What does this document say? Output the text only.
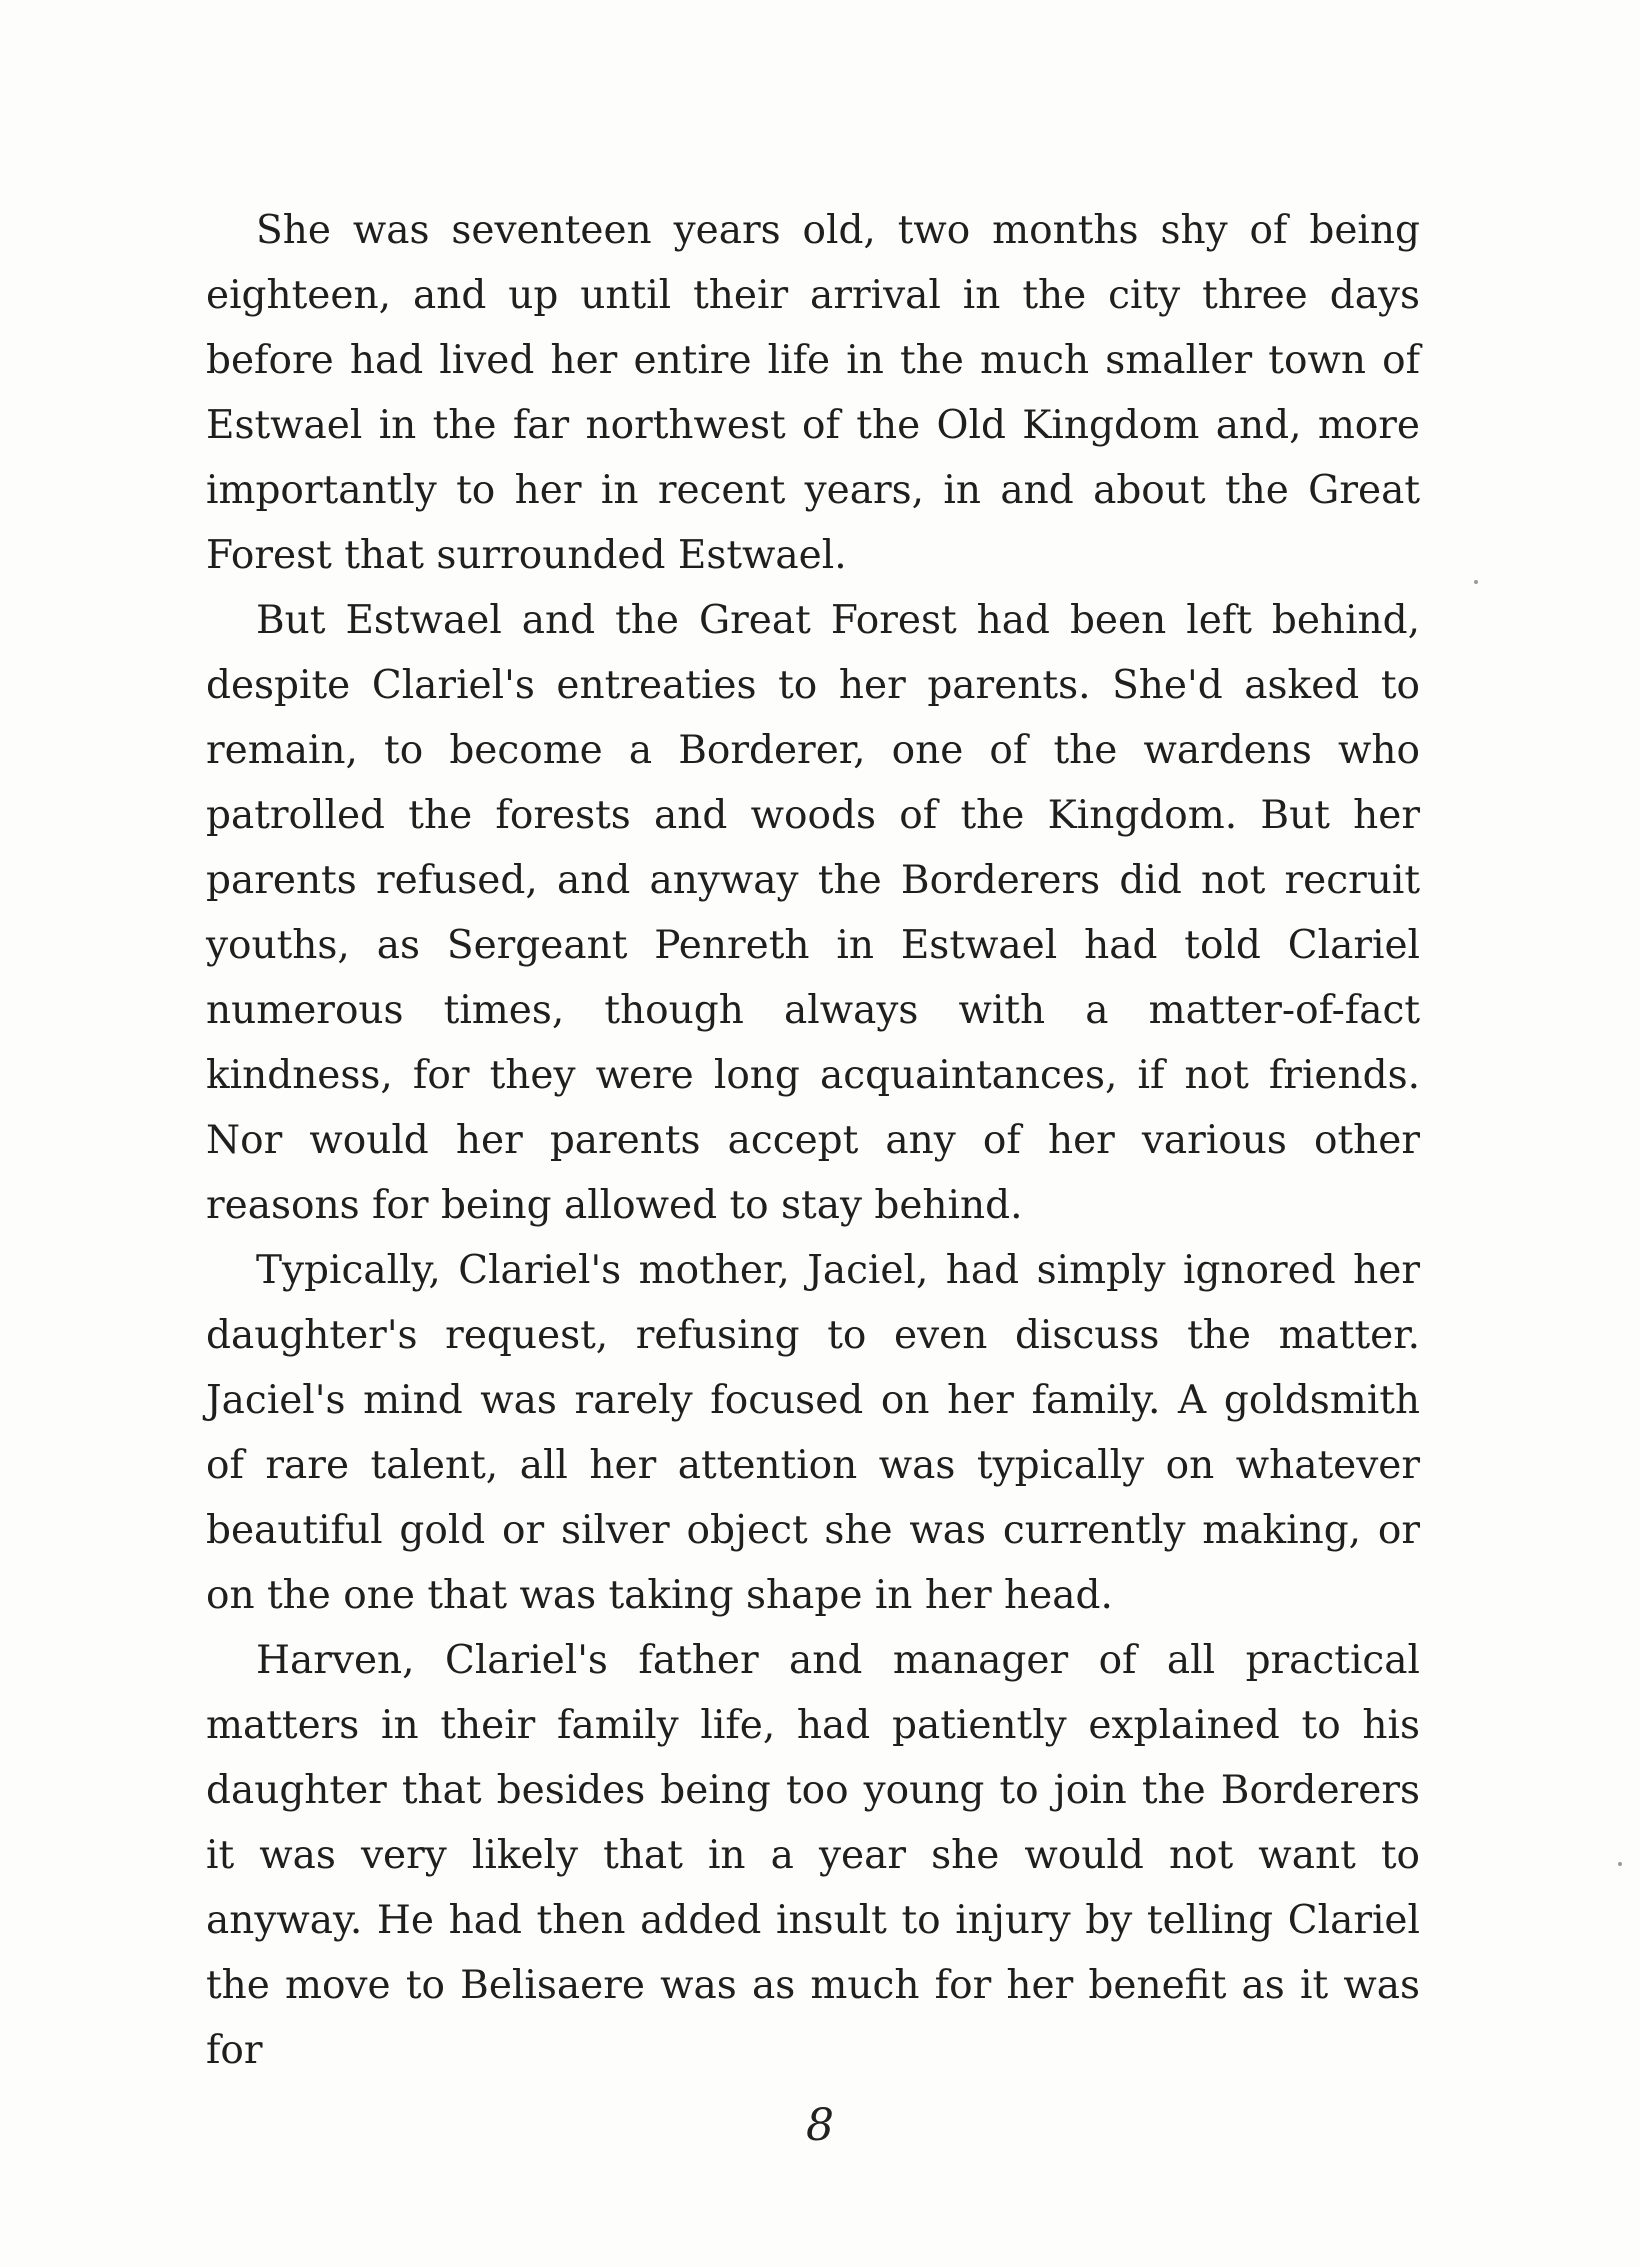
She was seventeen years old, two months shy of being eighteen, and up until their arrival in the city three days before had lived her entire life in the much smaller town of Estwael in the far northwest of the Old Kingdom and, more importantly to her in recent years, in and about the Great Forest that surrounded Estwael.

But Estwael and the Great Forest had been left behind, despite Clariel's entreaties to her parents. She'd asked to remain, to become a Borderer, one of the wardens who patrolled the forests and woods of the Kingdom. But her parents refused, and anyway the Borderers did not recruit youths, as Sergeant Penreth in Estwael had told Clariel numerous times, though always with a matter-of-fact kindness, for they were long acquaintances, if not friends. Nor would her parents accept any of her various other reasons for being allowed to stay behind.

Typically, Clariel's mother, Jaciel, had simply ignored her daughter's request, refusing to even discuss the matter. Jaciel's mind was rarely focused on her family. A goldsmith of rare talent, all her attention was typically on whatever beautiful gold or silver object she was currently making, or on the one that was taking shape in her head.

Harven, Clariel's father and manager of all practical matters in their family life, had patiently explained to his daughter that besides being too young to join the Borderers it was very likely that in a year she would not want to anyway. He had then added insult to injury by telling Clariel the move to Belisaere was as much for her benefit as it was for

8
